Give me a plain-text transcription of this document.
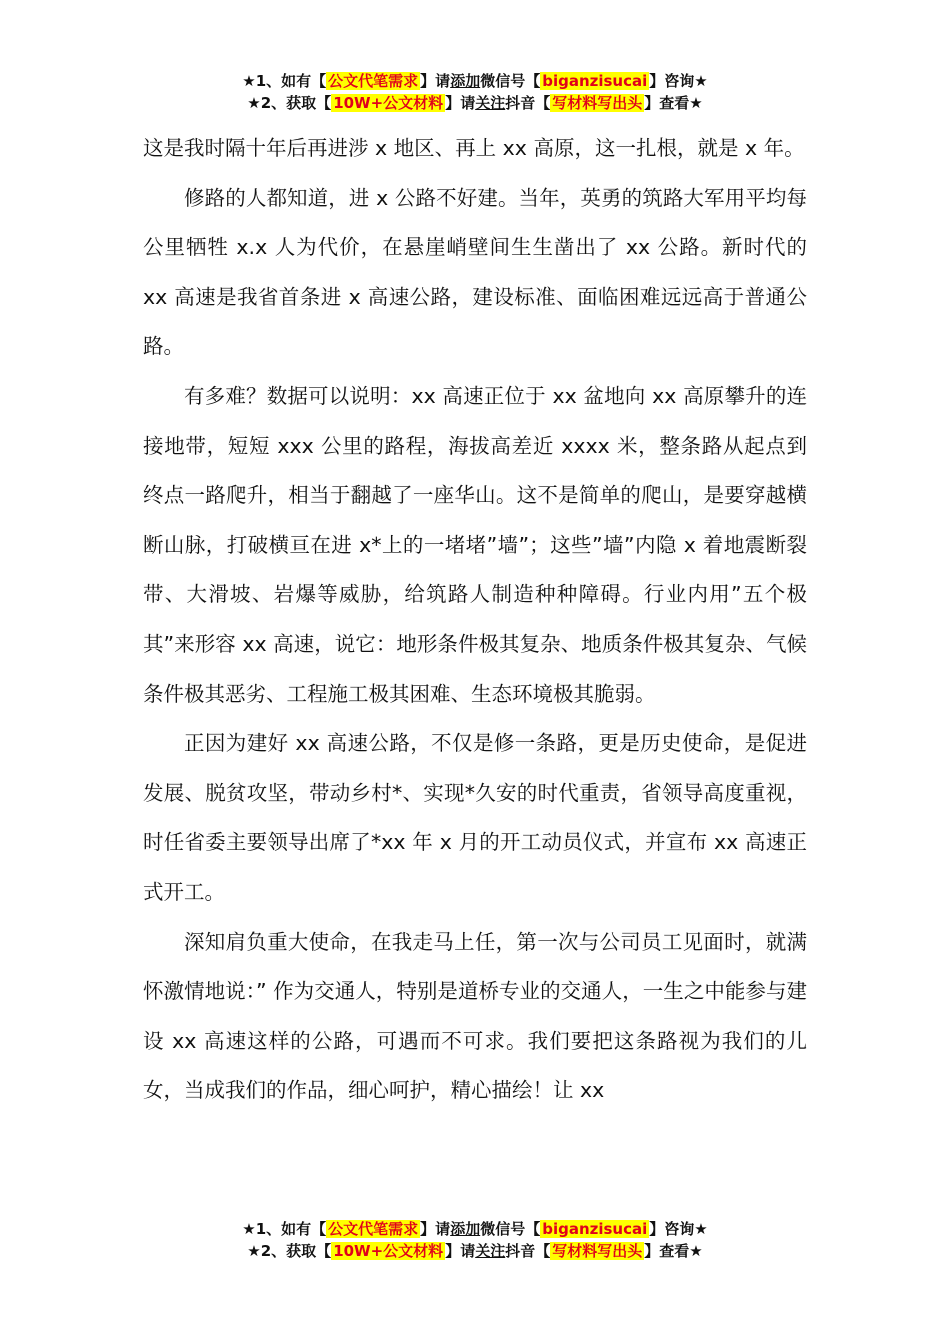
★1、如有【 公文代笔需求 】请添加微信号【 biganzisucai 】咨询★
★2、获取【 10W+公文材料 】请关注抖音【 写材料写出头 】查看★

这是我时隔十年后再进涉 x 地区、再上 xx 高原，这一扎根，就是 x 年。

修路的人都知道，进 x 公路不好建。当年，英勇的筑路大军用平均每公里牺牲 x.x 人为代价，在悬崖峭壁间生生凿出了 xx 公路。新时代的 xx 高速是我省首条进 x 高速公路，建设标准、面临困难远远高于普通公路。

有多难？数据可以说明：xx 高速正位于 xx 盆地向 xx 高原攀升的连接地带，短短 xxx 公里的路程，海拔高差近 xxxx 米，整条路从起点到终点一路爬升，相当于翻越了一座华山。这不是简单的爬山，是要穿越横断山脉，打破横亘在进 x*上的一堵堵”墙”；这些”墙”内隐 x 着地震断裂带、大滑坡、岩爆等威胁，给筑路人制造种种障碍。行业内用”五个极其”来形容 xx 高速，说它：地形条件极其复杂、地质条件极其复杂、气候条件极其恶劣、工程施工极其困难、生态环境极其脆弱。

正因为建好 xx 高速公路，不仅是修一条路，更是历史使命，是促进发展、脱贫攻坚，带动乡村*、实现*久安的时代重责，省领导高度重视，时任省委主要领导出席了*xx 年 x 月的开工动员仪式，并宣布 xx 高速正式开工。

深知肩负重大使命，在我走马上任，第一次与公司员工见面时，就满怀激情地说：” 作为交通人，特别是道桥专业的交通人，一生之中能参与建设 xx 高速这样的公路，可遇而不可求。我们要把这条路视为我们的儿女，当成我们的作品，细心呵护，精心描绘！让 xx

★1、如有【 公文代笔需求 】请添加微信号【 biganzisucai 】咨询★
★2、获取【 10W+公文材料 】请关注抖音【 写材料写出头 】查看★
